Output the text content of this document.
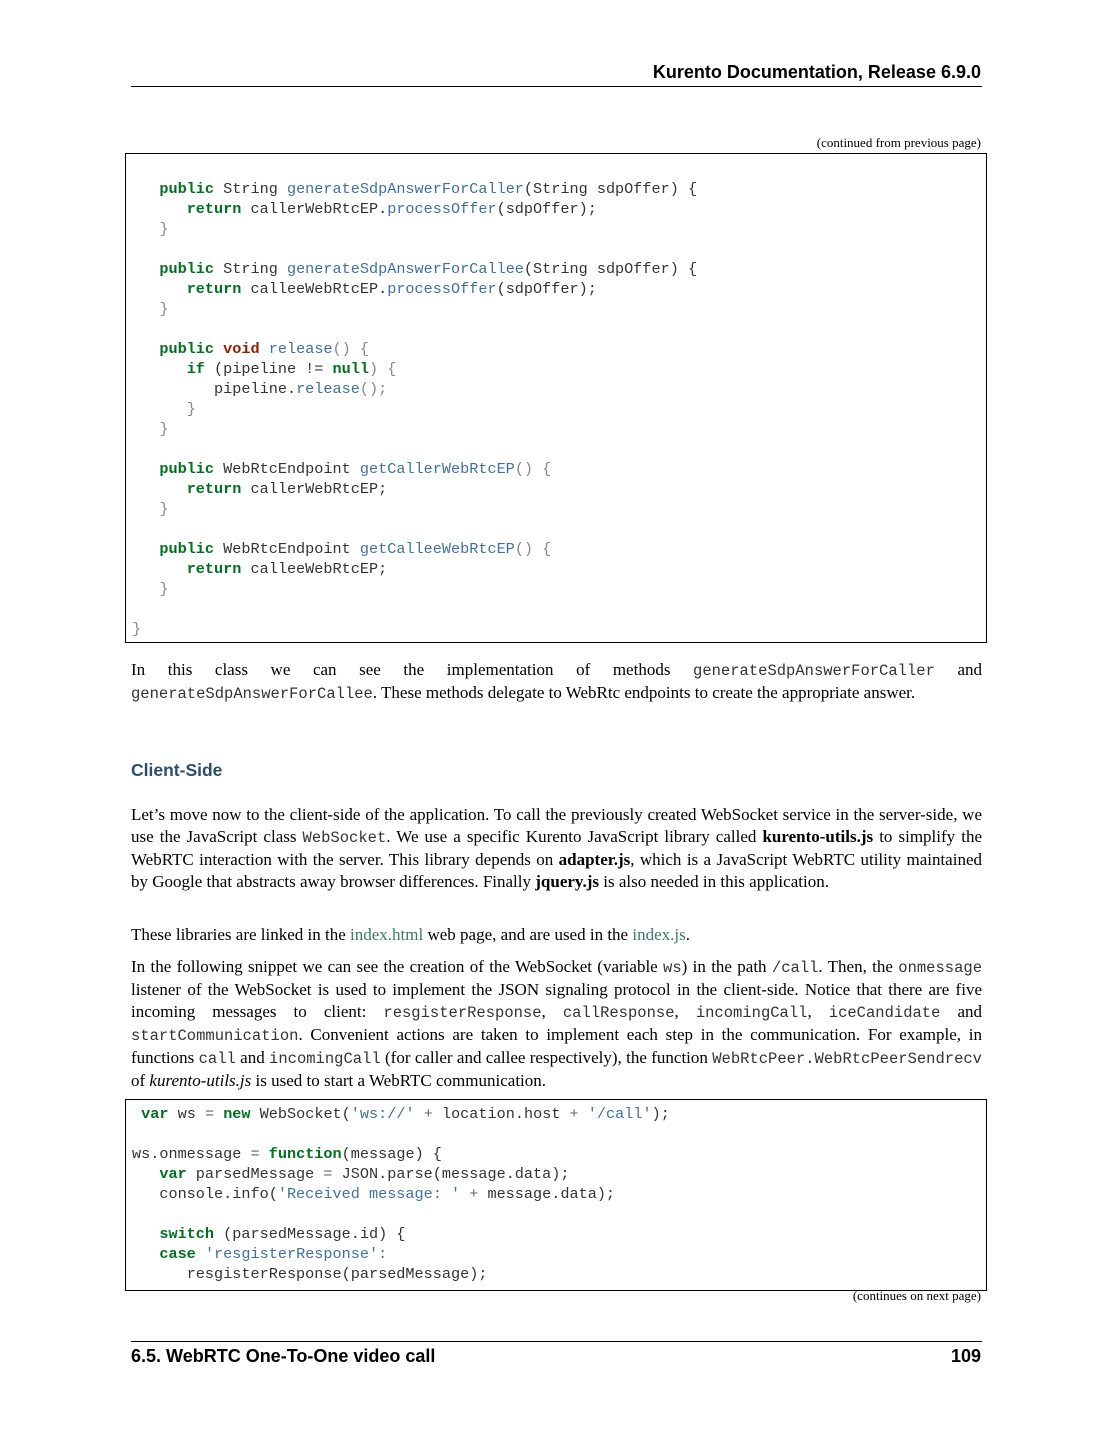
Kurento Documentation, Release 6.9.0
(continued from previous page)
public String generateSdpAnswerForCaller(String sdpOffer) {
return callerWebRtcEP.processOffer(sdpOffer);
}

public String generateSdpAnswerForCallee(String sdpOffer) {
return calleeWebRtcEP.processOffer(sdpOffer);
}

public void release() {
if (pipeline != null) {
pipeline.release();
}
}

public WebRtcEndpoint getCallerWebRtcEP() {
return callerWebRtcEP;
}

public WebRtcEndpoint getCalleeWebRtcEP() {
return calleeWebRtcEP;
}

}

In this class we can see the implementation of methods generateSdpAnswerForCaller and generateSdpAnswerForCallee. These methods delegate to WebRtc endpoints to create the appropriate answer.

Client-Side

Let’s move now to the client-side of the application. To call the previously created WebSocket service in the server-side, we use the JavaScript class WebSocket. We use a specific Kurento JavaScript library called kurento-utils.js to simplify the WebRTC interaction with the server. This library depends on adapter.js, which is a JavaScript WebRTC utility maintained by Google that abstracts away browser differences. Finally jquery.js is also needed in this application.

These libraries are linked in the index.html web page, and are used in the index.js.

In the following snippet we can see the creation of the WebSocket (variable ws) in the path /call. Then, the onmessage listener of the WebSocket is used to implement the JSON signaling protocol in the client-side. Notice that there are five incoming messages to client: resgisterResponse, callResponse, incomingCall, iceCandidate and startCommunication. Convenient actions are taken to implement each step in the communication. For example, in functions call and incomingCall (for caller and callee respectively), the function WebRtcPeer.WebRtcPeerSendrecv of kurento-utils.js is used to start a WebRTC communication.

var ws = new WebSocket('ws://' + location.host + '/call');

ws.onmessage = function(message) {
var parsedMessage = JSON.parse(message.data);
console.info('Received message: ' + message.data);

switch (parsedMessage.id) {
case 'resgisterResponse':
resgisterResponse(parsedMessage);
(continues on next page)
6.5. WebRTC One-To-One video call	109
